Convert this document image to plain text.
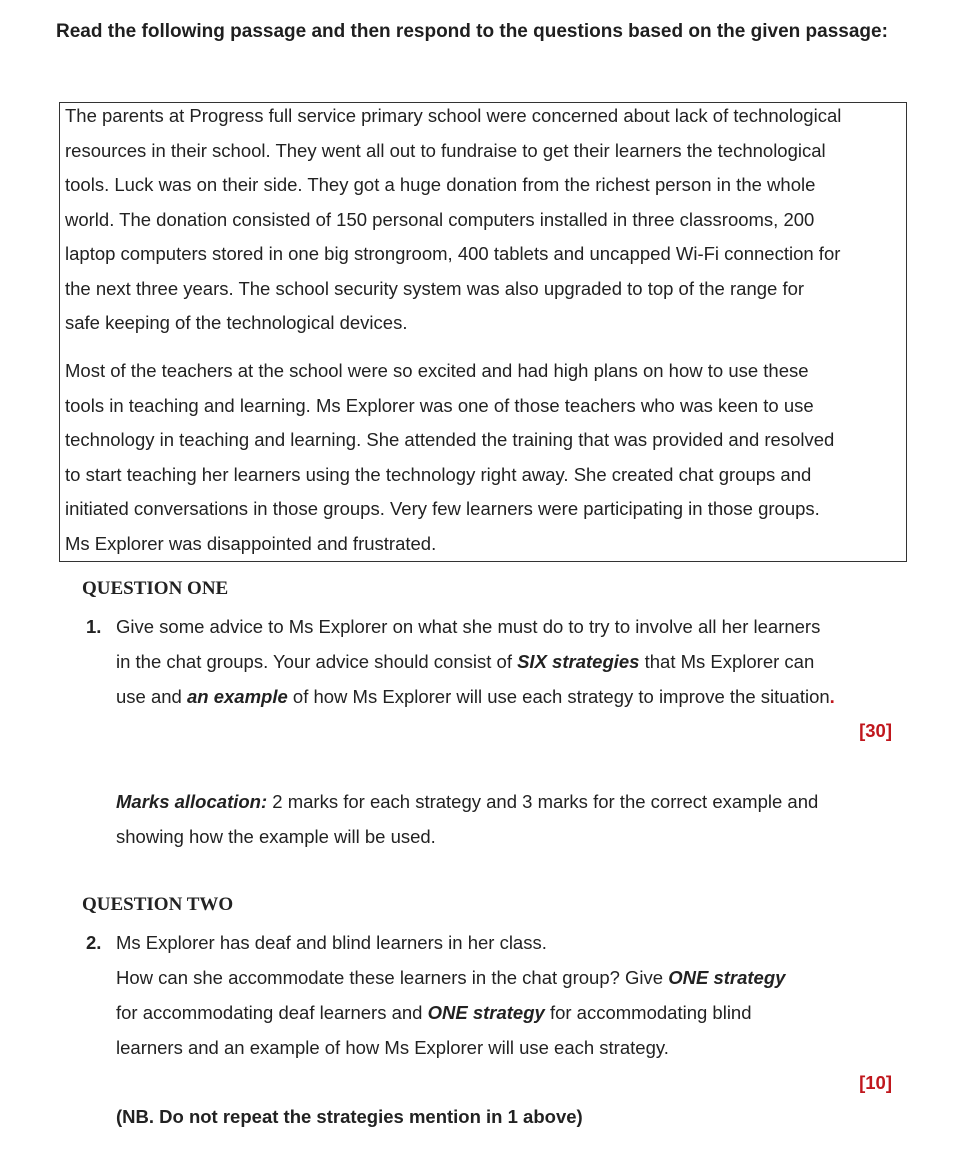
Read the following passage and then respond to the questions based on the given passage:

The parents at Progress full service primary school were concerned about lack of technological
resources in their school. They went all out to fundraise to get their learners the technological
tools. Luck was on their side. They got a huge donation from the richest person in the whole
world. The donation consisted of 150 personal computers installed in three classrooms, 200
laptop computers stored in one big strongroom, 400 tablets and uncapped Wi-Fi connection for
the next three years. The school security system was also upgraded to top of the range for
safe keeping of the technological devices.

Most of the teachers at the school were so excited and had high plans on how to use these
tools in teaching and learning. Ms Explorer was one of those teachers who was keen to use
technology in teaching and learning. She attended the training that was provided and resolved
to start teaching her learners using the technology right away. She created chat groups and
initiated conversations in those groups. Very few learners were participating in those groups.
Ms Explorer was disappointed and frustrated.

QUESTION ONE

1. Give some advice to Ms Explorer on what she must do to try to involve all her learners in the chat groups. Your advice should consist of SIX strategies that Ms Explorer can use and an example of how Ms Explorer will use each strategy to improve the situation.

[30]

Marks allocation: 2 marks for each strategy and 3 marks for the correct example and showing how the example will be used.

QUESTION TWO

2. Ms Explorer has deaf and blind learners in her class.

How can she accommodate these learners in the chat group? Give ONE strategy for accommodating deaf learners and ONE strategy for accommodating blind learners and an example of how Ms Explorer will use each strategy.

[10]
(NB. Do not repeat the strategies mention in 1 above)
